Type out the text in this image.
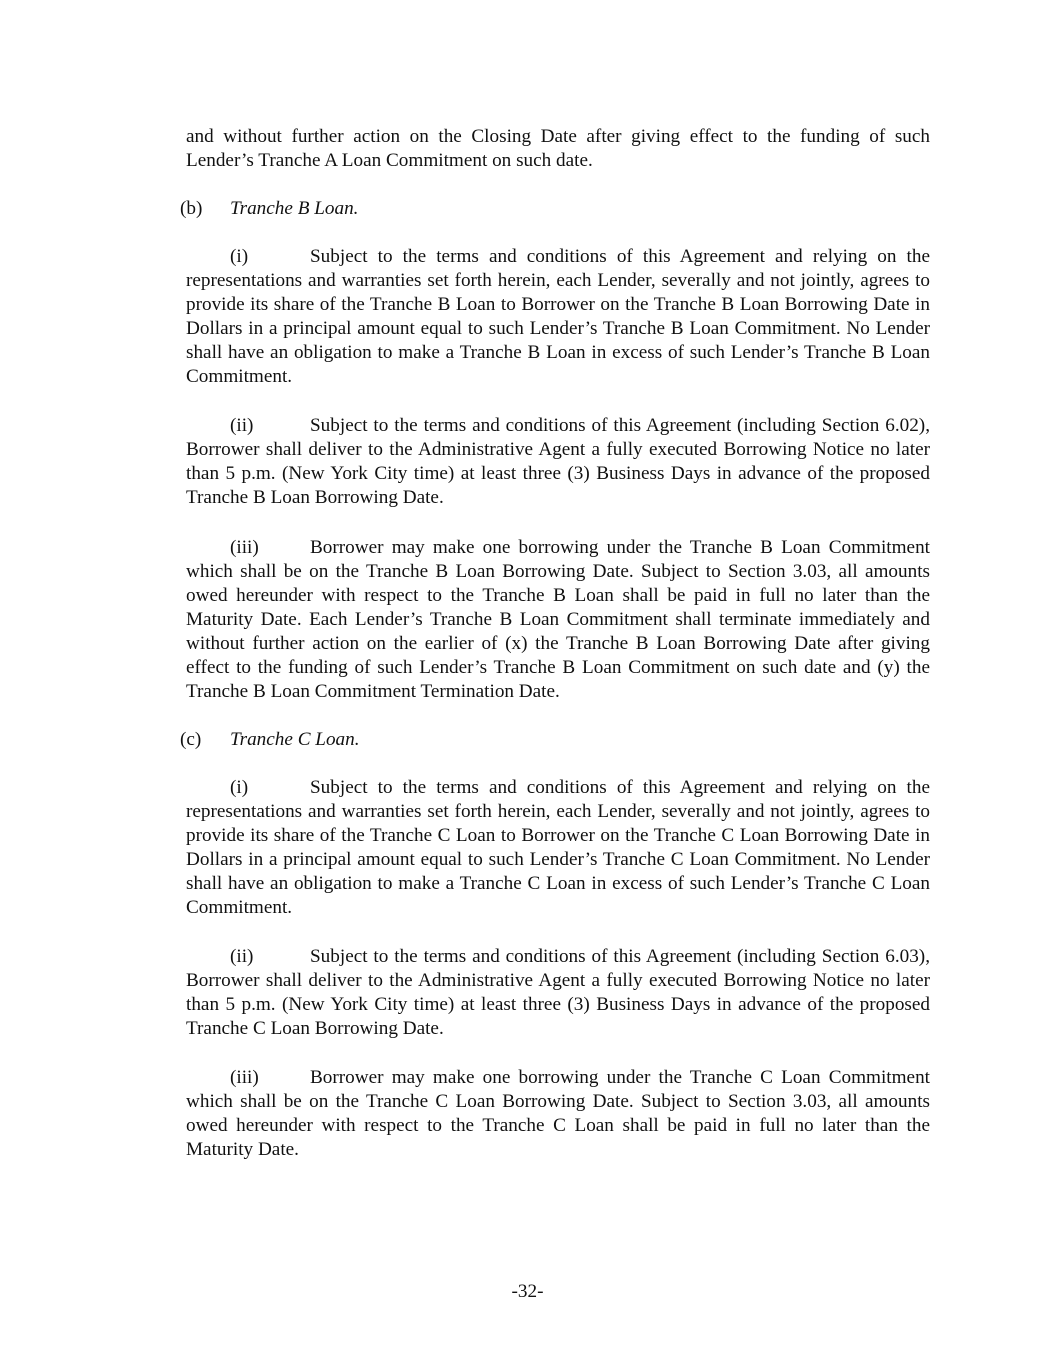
and without further action on the Closing Date after giving effect to the funding of such Lender’s Tranche A Loan Commitment on such date.

(b) Tranche B Loan.

(i)	Subject to the terms and conditions of this Agreement and relying on the representations and warranties set forth herein, each Lender, severally and not jointly, agrees to provide its share of the Tranche B Loan to Borrower on the Tranche B Loan Borrowing Date in Dollars in a principal amount equal to such Lender’s Tranche B Loan Commitment. No Lender shall have an obligation to make a Tranche B Loan in excess of such Lender’s Tranche B Loan Commitment.

(ii)	Subject to the terms and conditions of this Agreement (including Section 6.02), Borrower shall deliver to the Administrative Agent a fully executed Borrowing Notice no later than 5 p.m. (New York City time) at least three (3) Business Days in advance of the proposed Tranche B Loan Borrowing Date.

(iii)	Borrower may make one borrowing under the Tranche B Loan Commitment which shall be on the Tranche B Loan Borrowing Date. Subject to Section 3.03, all amounts owed hereunder with respect to the Tranche B Loan shall be paid in full no later than the Maturity Date. Each Lender’s Tranche B Loan Commitment shall terminate immediately and without further action on the earlier of (x) the Tranche B Loan Borrowing Date after giving effect to the funding of such Lender’s Tranche B Loan Commitment on such date and (y) the Tranche B Loan Commitment Termination Date.

(c) Tranche C Loan.

(i)	Subject to the terms and conditions of this Agreement and relying on the representations and warranties set forth herein, each Lender, severally and not jointly, agrees to provide its share of the Tranche C Loan to Borrower on the Tranche C Loan Borrowing Date in Dollars in a principal amount equal to such Lender’s Tranche C Loan Commitment. No Lender shall have an obligation to make a Tranche C Loan in excess of such Lender’s Tranche C Loan Commitment.

(ii)	Subject to the terms and conditions of this Agreement (including Section 6.03), Borrower shall deliver to the Administrative Agent a fully executed Borrowing Notice no later than 5 p.m. (New York City time) at least three (3) Business Days in advance of the proposed Tranche C Loan Borrowing Date.

(iii)	Borrower may make one borrowing under the Tranche C Loan Commitment which shall be on the Tranche C Loan Borrowing Date. Subject to Section 3.03, all amounts owed hereunder with respect to the Tranche C Loan shall be paid in full no later than the Maturity Date.

-32-
